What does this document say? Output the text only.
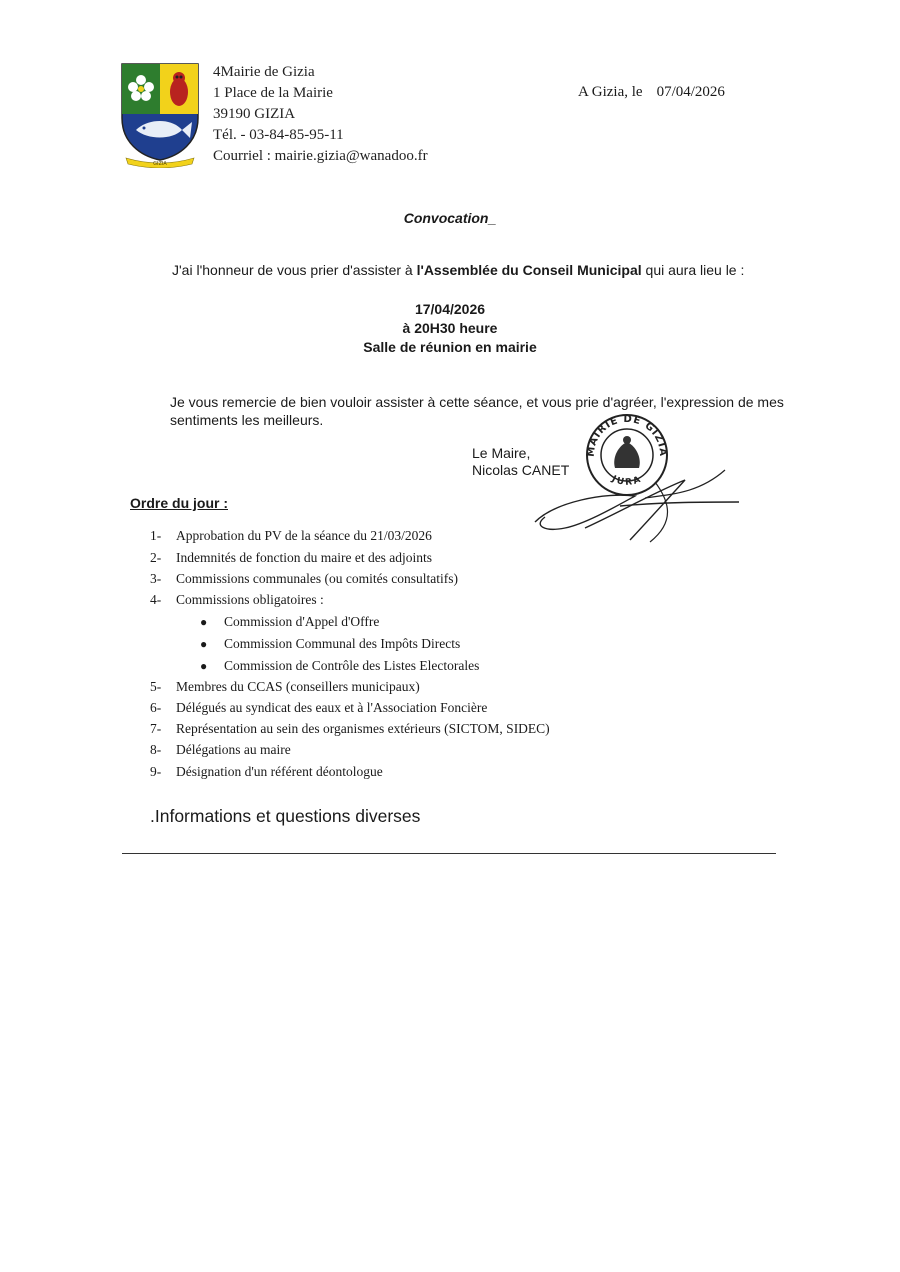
GIZIA
4Mairie de Gizia
1 Place de la Mairie
39190 GIZIA
Tél. - 03-84-85-95-11
Courriel : mairie.gizia@wanadoo.fr
A Gizia, le 07/04/2026
Convocation_
J'ai l'honneur de vous prier d'assister à l'Assemblée du Conseil Municipal qui aura lieu le :
17/04/2026
à 20H30 heure
Salle de réunion en mairie
Je vous remercie de bien vouloir assister à cette séance, et vous prie d'agréer, l'expression de mes sentiments les meilleurs.
MAIRIE DE GIZIA
JURA
Le Maire,
Nicolas CANET
Ordre du jour :
1- Approbation du PV de la séance du 21/03/2026
2- Indemnités de fonction du maire et des adjoints
3- Commissions communales (ou comités consultatifs)
4- Commissions obligatoires :
● Commission d'Appel d'Offre
● Commission Communal des Impôts Directs
● Commission de Contrôle des Listes Electorales
5- Membres du CCAS (conseillers municipaux)
6- Délégués au syndicat des eaux et à l'Association Foncière
7- Représentation au sein des organismes extérieurs (SICTOM, SIDEC)
8- Délégations au maire
9- Désignation d'un référent déontologue
.Informations et questions diverses
